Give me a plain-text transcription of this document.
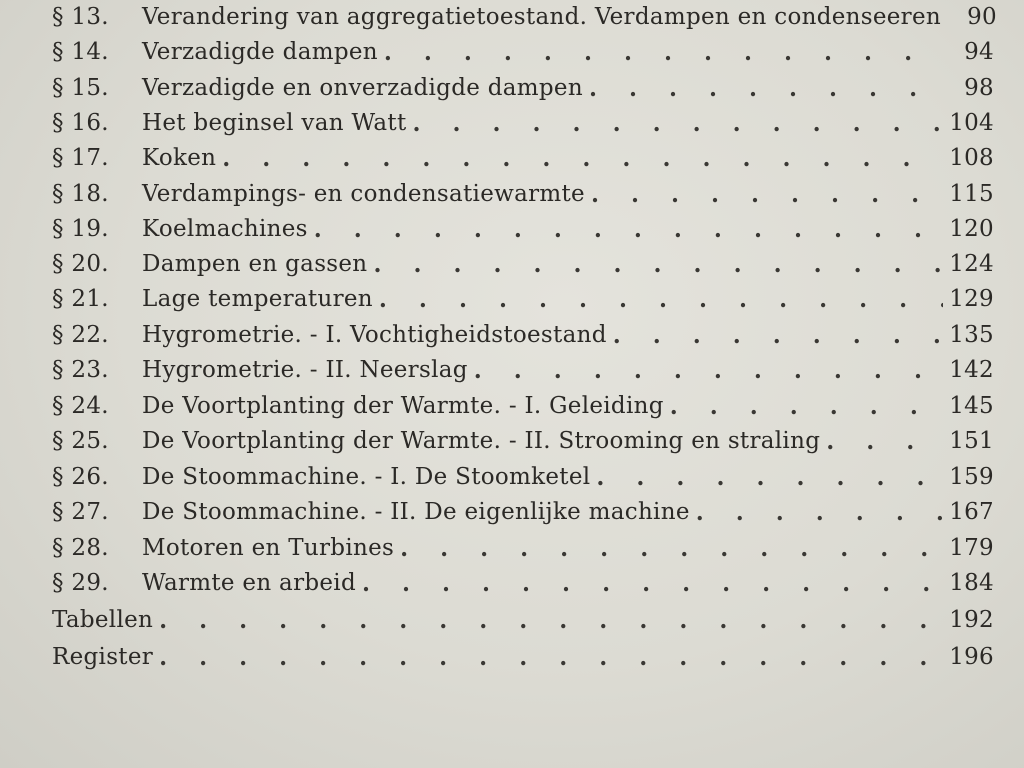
§ 13.	Verandering van aggregatietoestand. Verdampen en condenseeren	90
§ 14.	Verzadigde dampen . . .	94
§ 15.	Verzadigde en onverzadigde dampen . . .	98
§ 16.	Het beginsel van Watt . . .	104
§ 17.	Koken . . .	108
§ 18.	Verdampings- en condensatiewarmte . . .	115
§ 19.	Koelmachines . . .	120
§ 20.	Dampen en gassen . . .	124
§ 21.	Lage temperaturen . . .	129
§ 22.	Hygrometrie. - I. Vochtigheidstoestand . . .	135
§ 23.	Hygrometrie. - II. Neerslag . . .	142
§ 24.	De Voortplanting der Warmte. - I. Geleiding . . .	145
§ 25.	De Voortplanting der Warmte. - II. Strooming en straling . . .	151
§ 26.	De Stoommachine. - I. De Stoomketel . . .	159
§ 27.	De Stoommachine. - II. De eigenlijke machine . . .	167
§ 28.	Motoren en Turbines . . .	179
§ 29.	Warmte en arbeid . . .	184
Tabellen . . .	192
Register . . .	196
